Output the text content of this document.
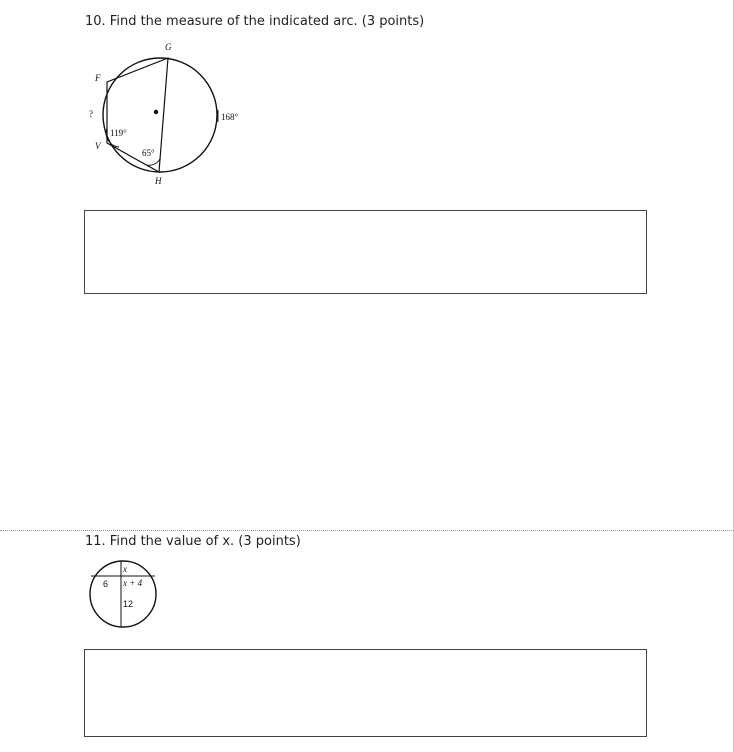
10. Find the measure of the indicated arc. (3 points)
G
F
?
V
H
119°
65°
168°
11. Find the value of x. (3 points)
x
6 x + 4
12
